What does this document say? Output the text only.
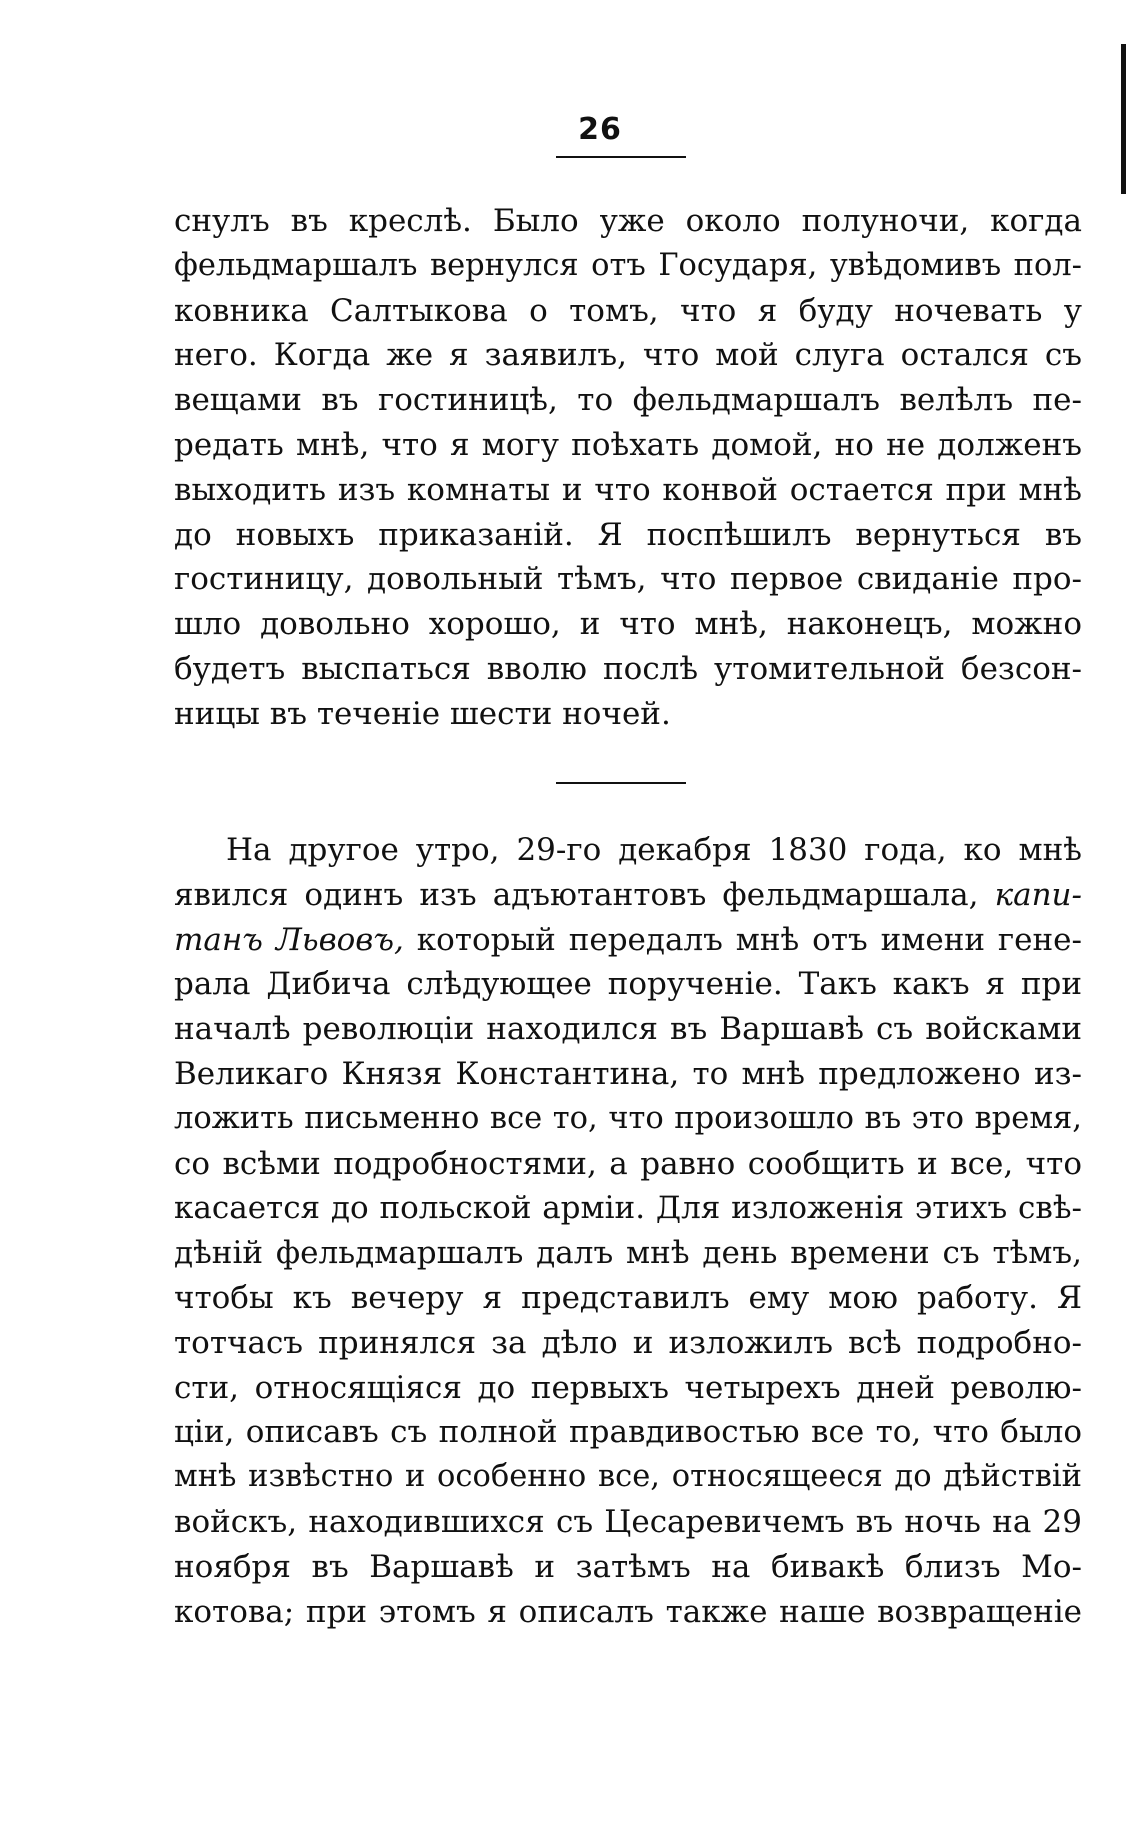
26
снулъ въ креслѣ. Было уже около полуночи, когда
фельдмаршалъ вернулся отъ Государя, увѣдомивъ пол-
ковника Салтыкова о томъ, что я буду ночевать у
него. Когда же я заявилъ, что мой слуга остался съ
вещами въ гостиницѣ, то фельдмаршалъ велѣлъ пе-
редать мнѣ, что я могу поѣхать домой, но не долженъ
выходить изъ комнаты и что конвой остается при мнѣ
до новыхъ приказаній. Я поспѣшилъ вернуться въ
гостиницу, довольный тѣмъ, что первое свиданіе про-
шло довольно хорошо, и что мнѣ, наконецъ, можно
будетъ выспаться вволю послѣ утомительной безсон-
ницы въ теченіе шести ночей.
На другое утро, 29-го декабря 1830 года, ко мнѣ
явился одинъ изъ адъютантовъ фельдмаршала, капи-
танъ Львовъ, который передалъ мнѣ отъ имени гене-
рала Дибича слѣдующее порученіе. Такъ какъ я при
началѣ революціи находился въ Варшавѣ съ войсками
Великаго Князя Константина, то мнѣ предложено из-
ложить письменно все то, что произошло въ это время,
со всѣми подробностями, а равно сообщить и все, что
касается до польской арміи. Для изложенія этихъ свѣ-
дѣній фельдмаршалъ далъ мнѣ день времени съ тѣмъ,
чтобы къ вечеру я представилъ ему мою работу. Я
тотчасъ принялся за дѣло и изложилъ всѣ подробно-
сти, относящіяся до первыхъ четырехъ дней револю-
ціи, описавъ съ полной правдивостью все то, что было
мнѣ извѣстно и особенно все, относящееся до дѣйствій
войскъ, находившихся съ Цесаревичемъ въ ночь на 29
ноября въ Варшавѣ и затѣмъ на бивакѣ близъ Мо-
котова; при этомъ я описалъ также наше возвращеніе
